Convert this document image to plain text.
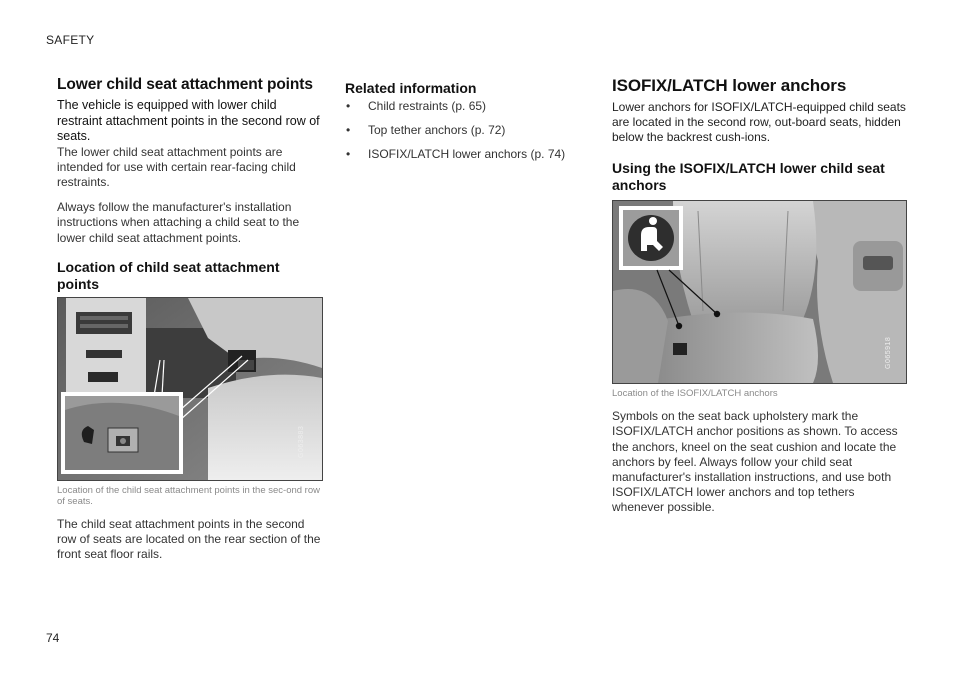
SAFETY
Lower child seat attachment points
The vehicle is equipped with lower child restraint attachment points in the second row of seats.

The lower child seat attachment points are intended for use with certain rear-facing child restraints.

Always follow the manufacturer's installation instructions when attaching a child seat to the lower child seat attachment points.

Location of child seat attachment points
G063883
Location of the child seat attachment points in the sec-ond row of seats.

The child seat attachment points in the second row of seats are located on the rear section of the front seat floor rails.

Related information
• Child restraints (p. 65)
• Top tether anchors (p. 72)
• ISOFIX/LATCH lower anchors (p. 74)
ISOFIX/LATCH lower anchors

Lower anchors for ISOFIX/LATCH-equipped child seats are located in the second row, out-board seats, hidden below the backrest cush-ions.

Using the ISOFIX/LATCH lower child seat anchors
G065918
Location of the ISOFIX/LATCH anchors

Symbols on the seat back upholstery mark the ISOFIX/LATCH anchor positions as shown. To access the anchors, kneel on the seat cushion and locate the anchors by feel. Always follow your child seat manufacturer's installation instructions, and use both ISOFIX/LATCH lower anchors and top tethers whenever possible.

74
